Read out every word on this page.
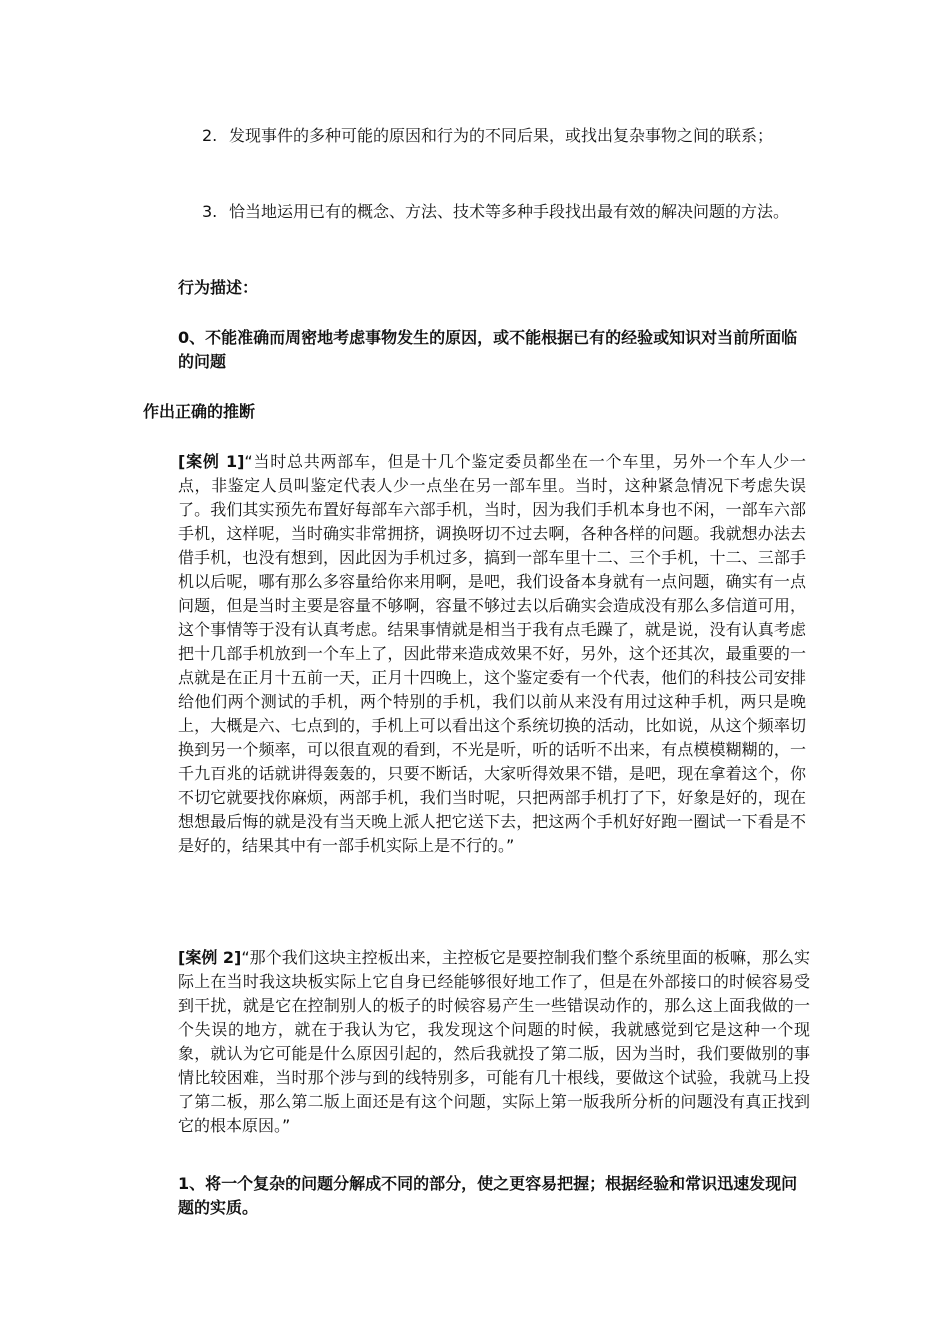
2. 发现事件的多种可能的原因和行为的不同后果，或找出复杂事物之间的联系；
3. 恰当地运用已有的概念、方法、技术等多种手段找出最有效的解决问题的方法。
行为描述：
0、不能准确而周密地考虑事物发生的原因，或不能根据已有的经验或知识对当前所面临的问题
作出正确的推断
[案例 1]“当时总共两部车，但是十几个鉴定委员都坐在一个车里，另外一个车人少一点，非鉴定人员叫鉴定代表人少一点坐在另一部车里。当时，这种紧急情况下考虑失误了。我们其实预先布置好每部车六部手机，当时，因为我们手机本身也不闲，一部车六部手机，这样呢，当时确实非常拥挤，调换呀切不过去啊，各种各样的问题。我就想办法去借手机，也没有想到，因此因为手机过多，搞到一部车里十二、三个手机，十二、三部手机以后呢，哪有那么多容量给你来用啊，是吧，我们设备本身就有一点问题，确实有一点问题，但是当时主要是容量不够啊，容量不够过去以后确实会造成没有那么多信道可用，这个事情等于没有认真考虑。结果事情就是相当于我有点毛躁了，就是说，没有认真考虑把十几部手机放到一个车上了，因此带来造成效果不好，另外，这个还其次，最重要的一点就是在正月十五前一天，正月十四晚上，这个鉴定委有一个代表，他们的科技公司安排给他们两个测试的手机，两个特别的手机，我们以前从来没有用过这种手机，两只是晚上，大概是六、七点到的，手机上可以看出这个系统切换的活动，比如说，从这个频率切换到另一个频率，可以很直观的看到，不光是听，听的话听不出来，有点模模糊糊的，一千九百兆的话就讲得轰轰的，只要不断话，大家听得效果不错，是吧，现在拿着这个，你不切它就要找你麻烦，两部手机，我们当时呢，只把两部手机打了下，好象是好的，现在想想最后悔的就是没有当天晚上派人把它送下去，把这两个手机好好跑一圈试一下看是不是好的，结果其中有一部手机实际上是不行的。”
[案例 2]“那个我们这块主控板出来，主控板它是要控制我们整个系统里面的板嘛，那么实际上在当时我这块板实际上它自身已经能够很好地工作了，但是在外部接口的时候容易受到干扰，就是它在控制别人的板子的时候容易产生一些错误动作的，那么这上面我做的一个失误的地方，就在于我认为它，我发现这个问题的时候，我就感觉到它是这种一个现象，就认为它可能是什么原因引起的，然后我就投了第二版，因为当时，我们要做别的事情比较困难，当时那个涉与到的线特别多，可能有几十根线，要做这个试验，我就马上投了第二板，那么第二版上面还是有这个问题，实际上第一版我所分析的问题没有真正找到它的根本原因。”
1、将一个复杂的问题分解成不同的部分，使之更容易把握；根据经验和常识迅速发现问题的实质。
